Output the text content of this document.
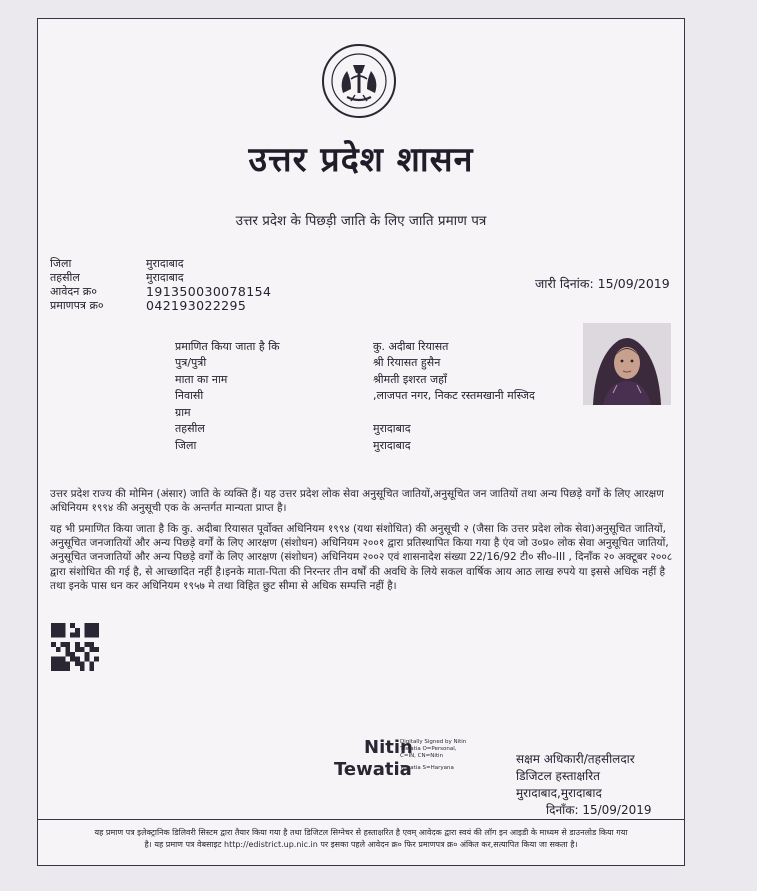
उत्तर प्रदेश शासन
उत्तर प्रदेश के पिछड़ी जाति के लिए जाति प्रमाण पत्र
जिला	मुरादाबाद
तहसील	मुरादाबाद
आवेदन क्र०	191350030078154
प्रमाणपत्र क्र०	042193022295
जारी दिनांक: 15/09/2019
प्रमाणित किया जाता है कि	कु. अदीबा रियासत
पुत्र/पुत्री	श्री रियासत हुसैन
माता का नाम	श्रीमती इशरत जहाँ
निवासी	,लाजपत नगर, निकट रस्तमखानी मस्जिद
ग्राम
तहसील	मुरादाबाद
जिला	मुरादाबाद
उत्तर प्रदेश राज्य की मोमिन (अंसार) जाति के व्यक्ति हैं। यह उत्तर प्रदेश लोक सेवा अनुसूचित जातियों,अनुसूचित जन जातियों तथा अन्य पिछड़े वर्गों के लिए आरक्षण अधिनियम १९९४ की अनुसूची एक के अन्तर्गत मान्यता प्राप्त है।
यह भी प्रमाणित किया जाता है कि कु. अदीबा रियासत पूर्वोक्त अधिनियम १९९४ (यथा संशोधित) की अनुसूची २ (जैसा कि उत्तर प्रदेश लोक सेवा)अनुसूचित जातियों, अनुसूचित जनजातियों और अन्य पिछड़े वर्गों के लिए आरक्षण (संशोधन) अधिनियम २००१ द्वारा प्रतिस्थापित किया गया है एंव जो उ०प्र० लोक सेवा अनुसूचित जातियों, अनुसूचित जनजातियों और अन्य पिछड़े वर्गों के लिए आरक्षण (संशोधन) अधिनियम २००२ एवं शासनादेश संख्या 22/16/92 टी० सी०-III , दिनाँक २० अक्टूबर २००८ द्वारा संशोधित की गई है, से आच्छादित नहीं है।इनके माता-पिता की निरन्तर तीन वर्षों की अवधि के लिये सकल वार्षिक आय आठ लाख रुपये या इससे अधिक नहीं है तथा इनके पास धन कर अधिनियम १९५७ मे तथा विहित छुट सीमा से अधिक सम्पत्ति नहीं है।
Nitin
Tewatia
Digitally Signed by Nitin Tewatia O=Personal, C=IN, CN=Nitin
Tewatia S=Haryana
सक्षम अधिकारी/तहसीलदार
डिजिटल हस्ताक्षरित
मुरादाबाद,मुरादाबाद
दिनाँक: 15/09/2019
यह प्रमाण पत्र इलेक्ट्रानिक डिलिवरी सिस्टम द्वारा तैयार किया गया है तथा डिजिटल सिग्नेचर से हस्ताक्षरित है एवम् आवेदक द्वारा स्वयं की लॉग इन आइडी के माध्यम से डाउनलोड किया गया
है। यह प्रमाण पत्र वेबसाइट http://edistrict.up.nic.in पर इसका पहले आवेदन क्र० फिर प्रमाणपत्र क्र० अंकित कर,सत्यापित किया जा सकता है।
